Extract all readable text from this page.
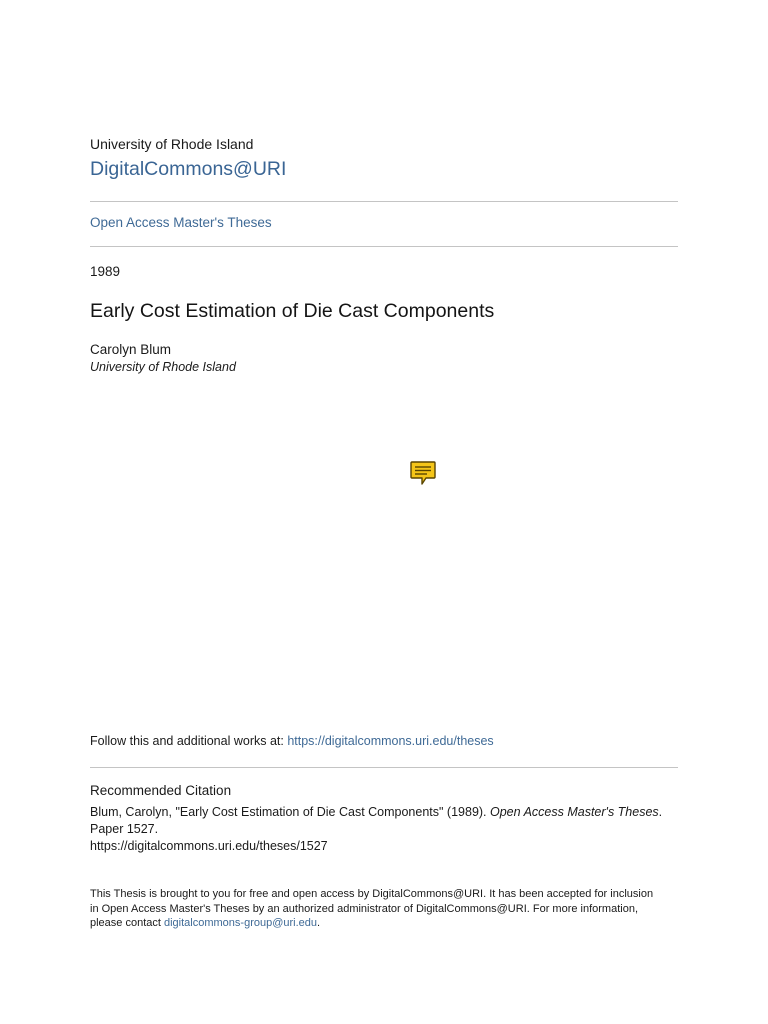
University of Rhode Island
DigitalCommons@URI
Open Access Master's Theses
1989
Early Cost Estimation of Die Cast Components
Carolyn Blum
University of Rhode Island
Follow this and additional works at: https://digitalcommons.uri.edu/theses
Recommended Citation
Blum, Carolyn, "Early Cost Estimation of Die Cast Components" (1989). Open Access Master's Theses.
Paper 1527.
https://digitalcommons.uri.edu/theses/1527
This Thesis is brought to you for free and open access by DigitalCommons@URI. It has been accepted for inclusion
in Open Access Master's Theses by an authorized administrator of DigitalCommons@URI. For more information,
please contact digitalcommons-group@uri.edu.
